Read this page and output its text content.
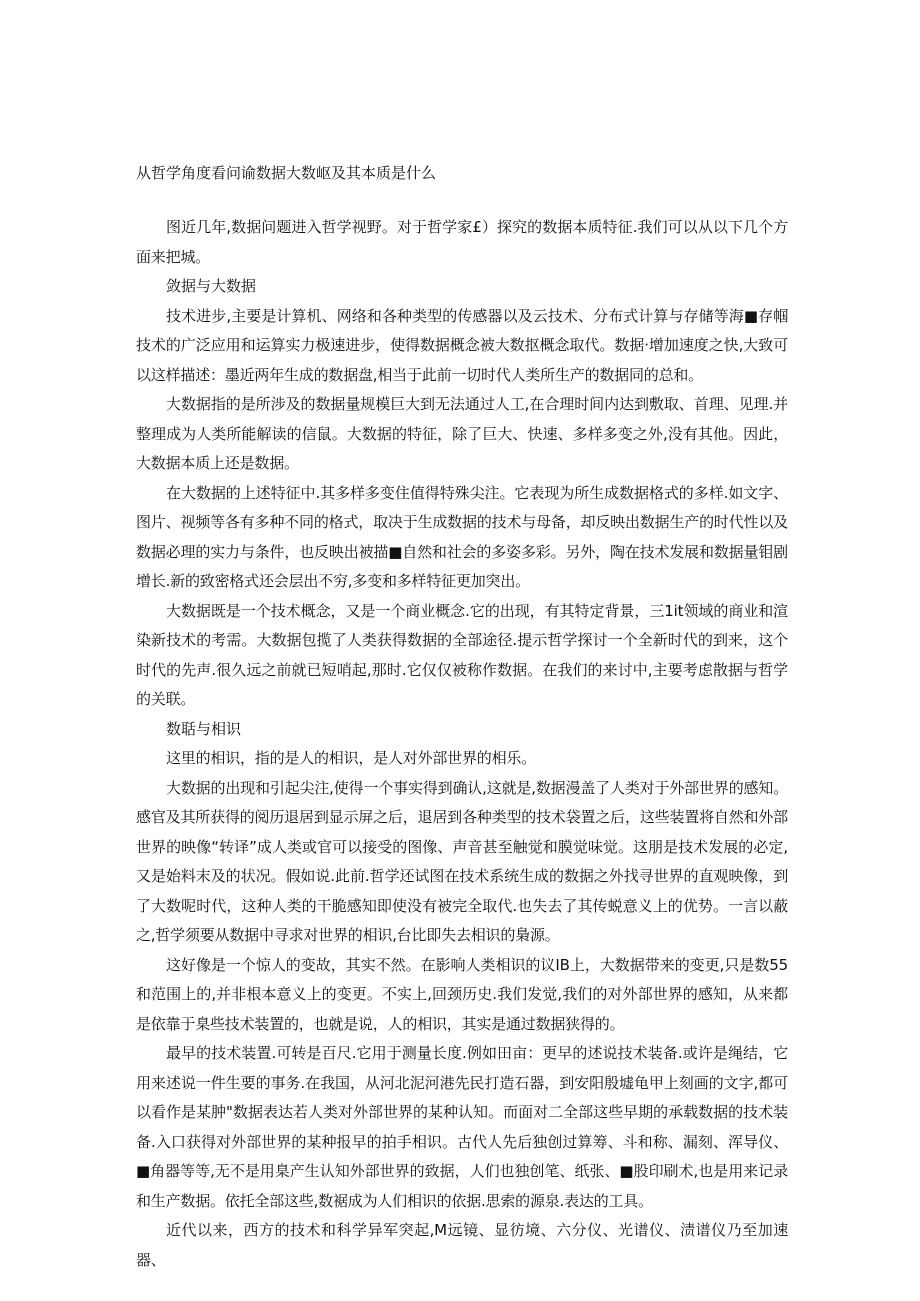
从哲学角度看问谕数据大数岖及其本质是什么

图近几年,数据问题进入哲学视野。对于哲学家£）探究的数据本质特征.我们可以从以下几个方面来把城。

敛据与大数据

技术进步,主要是计算机、网络和各种类型的传感器以及云技术、分布式计算与存储等海■存帼技术的广泛应用和运算实力极速进步，使得数据概念被大数抠概念取代。数据·增加速度之快,大致可以这样描述：墨近两年生成的数据盘,相当于此前一切时代人类所生产的数据同的总和。

大数据指的是所涉及的数据量规模巨大到无法通过人工,在合理时间内达到敷取、首理、见理.并整理成为人类所能解读的信鼠。大数据的特征，除了巨大、快速、多样多变之外,没有其他。因此，大数据本质上还是数据。

在大数据的上述特征中.其多样多变住值得特殊尖注。它表现为所生成数据格式的多样.如文字、图片、视频等各有多种不同的格式，取决于生成数据的技术与母备，却反映出数据生产的时代性以及数据必理的实力与条件，也反映出被描■自然和社会的多姿多彩。另外，陶在技术发展和数据量钼剧增长.新的致密格式还会层出不穷,多变和多样特征更加突出。

大数据既是一个技术概念，又是一个商业概念.它的出现，有其特定背景，三1it领域的商业和渲染新技术的考需。大数据包揽了人类获得数据的全部途径.提示哲学探讨一个全新时代的到来，这个时代的先声.很久远之前就已短哨起,那时.它仅仅被称作数据。在我们的来讨中,主要考虑散据与哲学的关联。

数聒与相识

这里的相识，指的是人的相识，是人对外部世界的相乐。

大数据的出现和引起尖注,使得一个事实得到确认,这就是,数据漫盖了人类对于外部世界的感知。感官及其所获得的阅历退居到显示屏之后，退居到各种类型的技术袋置之后，这些装置将自然和外部世界的映像“转译”成人类或官可以接受的图像、声音甚至触觉和膜觉味觉。这朋是技术发展的必定,又是始料末及的状况。假如说.此前.哲学还试图在技术系统生成的数据之外找寻世界的直观映像，到了大数呢时代，这种人类的干脆感知即使没有被完全取代.也失去了其传蜕意义上的优势。一言以蔽之,哲学须要从数据中寻求对世界的相识,台比即失去相识的梟源。

这好像是一个惊人的变故，其实不然。在影响人类相识的议IB上，大数据带来的变更,只是数55和范围上的,并非根本意义上的变更。不实上,回颈历史.我们发觉,我们的对外部世界的感知，从来都是依靠于臬些技术装置的，也就是说，人的相识，其实是通过数据狭得的。

最早的技术装置.可转是百尺.它用于测量长度.例如田亩：更早的述说技术装备.或许是绳结，它用来述说一件生要的事务.在我国，从河北泥河港先民打造石器，到安阳殷墟龟甲上刻画的文字,都可以看作是某肿"数据表达若人类对外部世界的某种认知。而面对二全部这些早期的承载数据的技术装备.入口获得对外部世界的某种报早的拍手相识。古代人先后独创过算筹、斗和称、漏刻、浑导仪、■角器等等,无不是用臬产生认知外部世界的致据，人们也独创笔、纸张、■股印刷术,也是用来记录和生产数据。依托全部这些,数裾成为人们相识的依据.思索的源泉.表达的工具。

近代以来，西方的技术和科学异军突起,M远镜、显彷境、六分仪、光谱仪、渍谱仪乃至加速器、
